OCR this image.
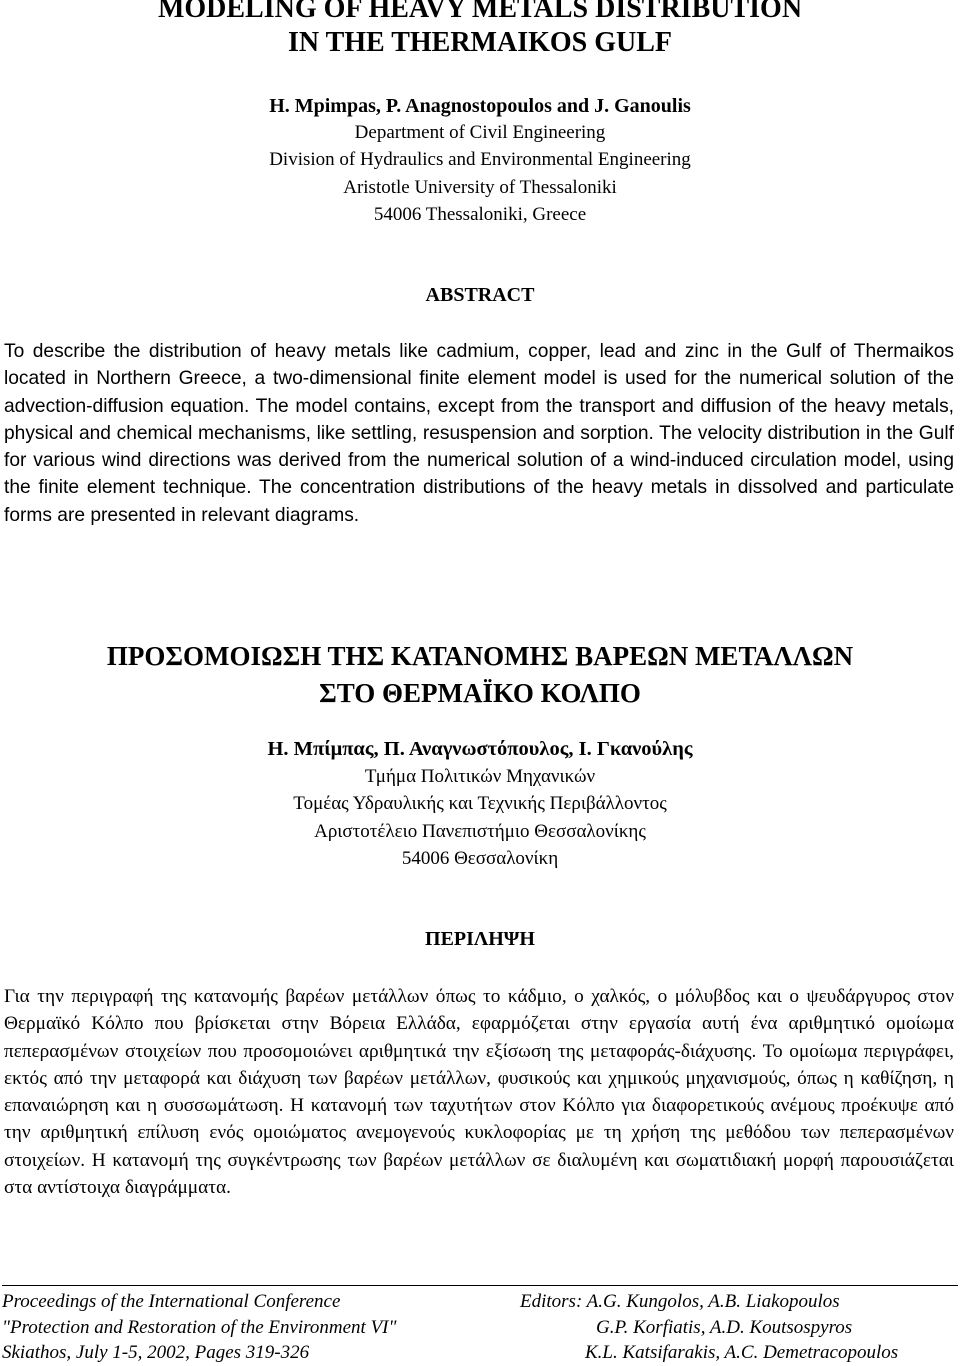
MODELING OF HEAVY METALS DISTRIBUTION
IN THE THERMAIKOS GULF
H. Mpimpas, P. Anagnostopoulos and J. Ganoulis
Department of Civil Engineering
Division of Hydraulics and Environmental Engineering
Aristotle University of Thessaloniki
54006 Thessaloniki, Greece
ABSTRACT
To describe the distribution of heavy metals like cadmium, copper, lead and zinc in the Gulf of Thermaikos located in Northern Greece, a two-dimensional finite element model is used for the numerical solution of the advection-diffusion equation. The model contains, except from the transport and diffusion of the heavy metals, physical and chemical mechanisms, like settling, resuspension and sorption. The velocity distribution in the Gulf for various wind directions was derived from the numerical solution of a wind-induced circulation model, using the finite element technique. The concentration distributions of the heavy metals in dissolved and particulate forms are presented in relevant diagrams.
ΠΡΟΣΟΜΟΙΩΣΗ ΤΗΣ ΚΑΤΑΝΟΜΗΣ ΒΑΡΕΩΝ ΜΕΤΑΛΛΩΝ
ΣΤΟ ΘΕΡΜΑΪΚΟ ΚΟΛΠΟ
Η. Μπίμπας, Π. Αναγνωστόπουλος, Ι. Γκανούλης
Τμήμα Πολιτικών Μηχανικών
Τομέας Υδραυλικής και Τεχνικής Περιβάλλοντος
Αριστοτέλειο Πανεπιστήμιο Θεσσαλονίκης
54006 Θεσσαλονίκη
ΠΕΡΙΛΗΨΗ
Για την περιγραφή της κατανομής βαρέων μετάλλων όπως το κάδμιο, ο χαλκός, ο μόλυβδος και ο ψευδάργυρος στον Θερμαϊκό Κόλπο που βρίσκεται στην Βόρεια Ελλάδα, εφαρμόζεται στην εργασία αυτή ένα αριθμητικό ομοίωμα πεπερασμένων στοιχείων που προσομοιώνει αριθμητικά την εξίσωση της μεταφοράς-διάχυσης. Το ομοίωμα περιγράφει, εκτός από την μεταφορά και διάχυση των βαρέων μετάλλων, φυσικούς και χημικούς μηχανισμούς, όπως η καθίζηση, η επαναιώρηση και η συσσωμάτωση. Η κατανομή των ταχυτήτων στον Κόλπο για διαφορετικούς ανέμους προέκυψε από την αριθμητική επίλυση ενός ομοιώματος ανεμογενούς κυκλοφορίας με τη χρήση της μεθόδου των πεπερασμένων στοιχείων. Η κατανομή της συγκέντρωσης των βαρέων μετάλλων σε διαλυμένη και σωματιδιακή μορφή παρουσιάζεται στα αντίστοιχα διαγράμματα.
Proceedings of the International Conference
"Protection and Restoration of the Environment VI"
Skiathos, July 1-5, 2002, Pages 319-326
Editors: A.G. Kungolos, A.B. Liakopoulos
G.P. Korfiatis, A.D. Koutsospyros
K.L. Katsifarakis, A.C. Demetracopoulos
